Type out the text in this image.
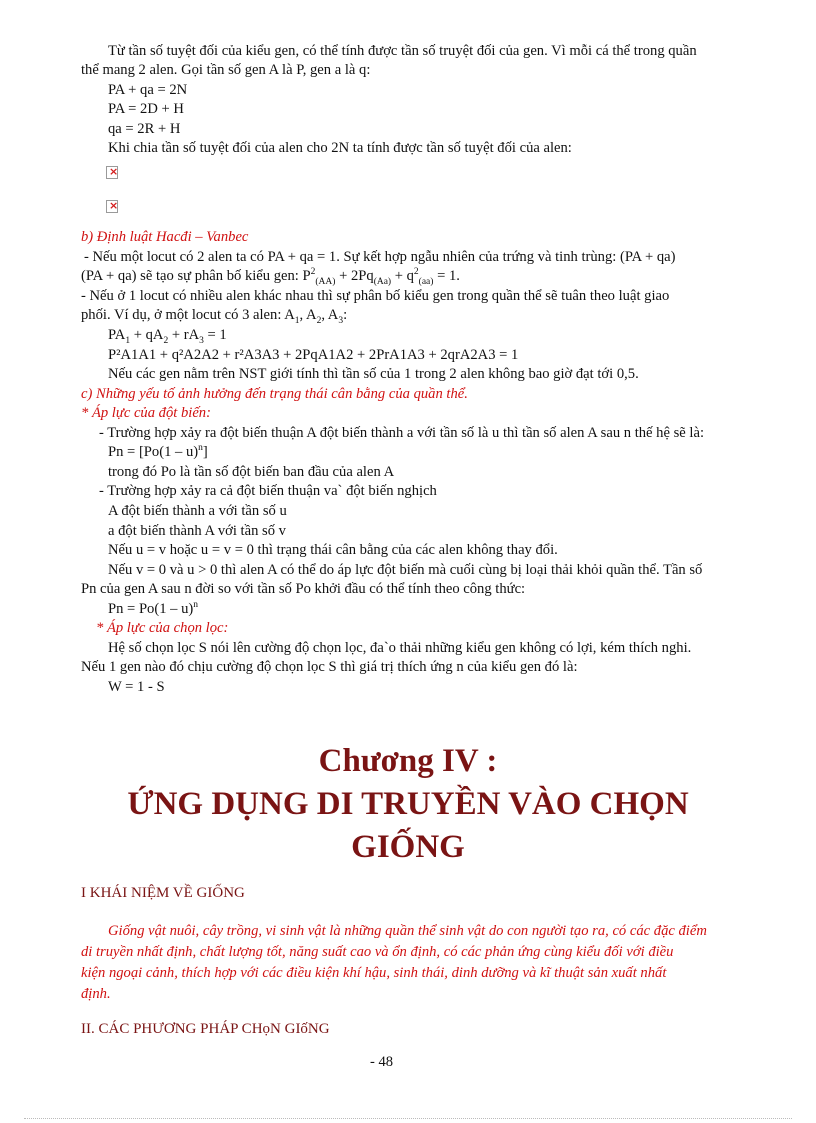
Từ tần số tuyệt đối của kiểu gen, có thể tính được tần số truyệt đối của gen. Vì mỗi cá thể trong quần
thể mang 2 alen. Gọi tần số gen A là P, gen a là q:
PA + qa = 2N
PA = 2D + H
qa = 2R + H
Khi chia tần số tuyệt đối của alen cho 2N ta tính được tần số tuyệt đối của alen:
×
×
b) Định luật Hacđi – Vanbec
- Nếu một locut có 2 alen ta có PA + qa = 1. Sự kết hợp ngẫu nhiên của trứng và tinh trùng: (PA + qa)
(PA + qa) sẽ tạo sự phân bố kiểu gen: $P^2_{(AA)} + 2Pq_{(Aa)} + q^2_{(aa)} = 1$.
- Nếu ở 1 locut có nhiều alen khác nhau thì sự phân bố kiểu gen trong quần thể sẽ tuân theo luật giao
phối. Ví dụ, ở một locut có 3 alen: $A_1$, $A_2$, $A_3$:
$PA_1 + qA_2 + rA_3 = 1$
P²A1A1 + q²A2A2 + r²A3A3 + 2PqA1A2 + 2PrA1A3 + 2qrA2A3 = 1
Nếu các gen nằm trên NST giới tính thì tần số của 1 trong 2 alen không bao giờ đạt tới 0,5.
c) Những yếu tố ảnh hưởng đến trạng thái cân bằng của quần thể.
* Áp lực của đột biến:
- Trường hợp xảy ra đột biến thuận A đột biến thành a với tần số là u thì tần số alen A sau n thế hệ sẽ là:
Pn = [Po(1 – u)$^n$]
trong đó Po là tần số đột biến ban đầu của alen A
- Trường hợp xảy ra cả đột biến thuận va` đột biến nghịch
A đột biến thành a với tần số u
a đột biến thành A với tần số v
Nếu u = v hoặc u = v = 0 thì trạng thái cân bằng của các alen không thay đổi.
Nếu v = 0 và u > 0 thì alen A có thể do áp lực đột biến mà cuối cùng bị loại thải khỏi quần thể. Tần số
Pn của gen A sau n đời so với tần số Po khởi đầu có thể tính theo công thức:
Pn = Po(1 – u)$^n$
* Áp lực của chọn lọc:
Hệ số chọn lọc S nói lên cường độ chọn lọc, đa`o thải những kiểu gen không có lợi, kém thích nghi.
Nếu 1 gen nào đó chịu cường độ chọn lọc S thì giá trị thích ứng n của kiểu gen đó là:
W = 1 - S
Chương IV :
ỨNG DỤNG DI TRUYỀN VÀO CHỌN
GIỐNG
I KHÁI NIỆM VỀ GIỐNG
Giống vật nuôi, cây trồng, vi sinh vật là những quần thể sinh vật do con người tạo ra, có các đặc điểm
di truyền nhất định, chất lượng tốt, năng suất cao và ổn định, có các phản ứng cùng kiểu đối với điều
kiện ngoại cảnh, thích hợp với các điều kiện khí hậu, sinh thái, dinh dưỡng và kĩ thuật sản xuất nhất
định.
II. CÁC PHƯƠNG PHÁP CHọN GIốNG
- 48
